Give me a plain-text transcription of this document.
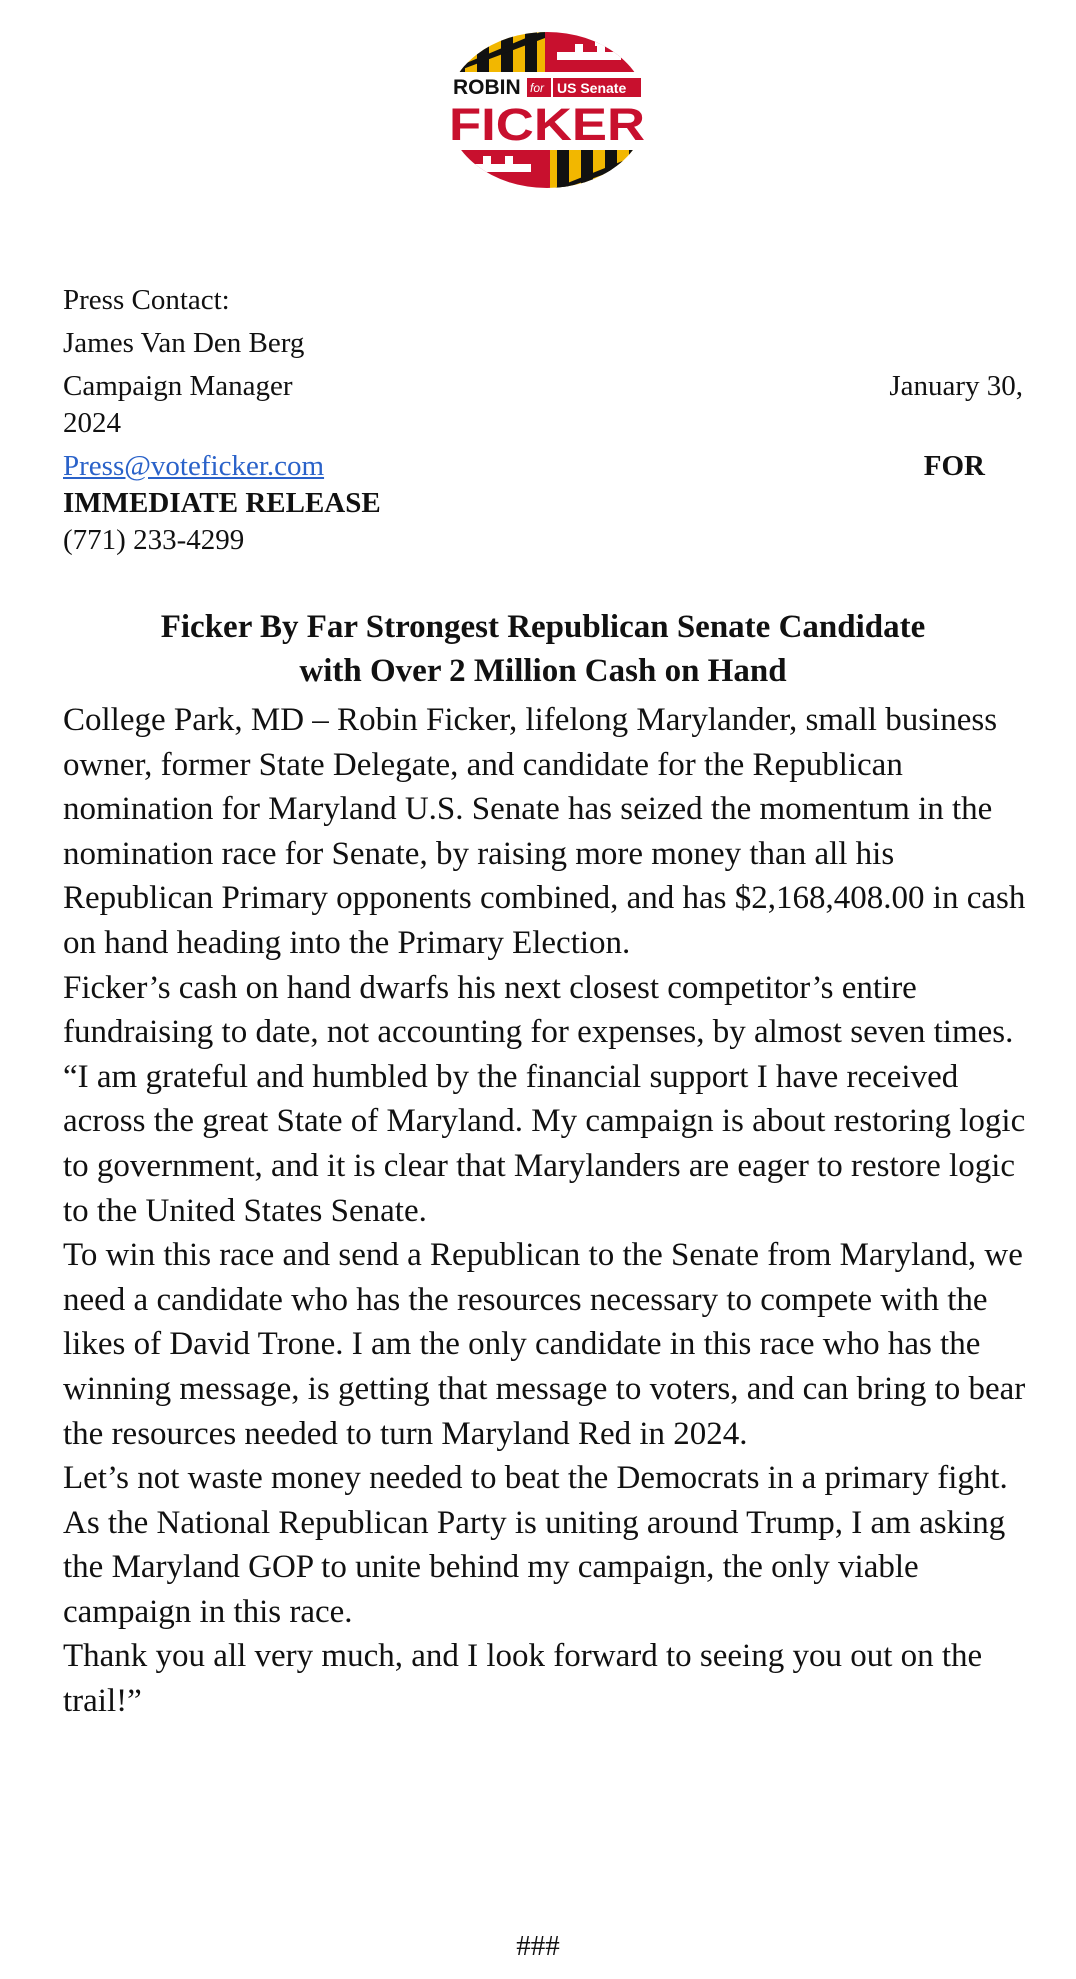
ROBIN for US Senate
FICKER
Press Contact:
James Van Den Berg
Campaign Manager	January 30,
2024
Press@voteficker.com	FOR
IMMEDIATE RELEASE
(771) 233-4299
Ficker By Far Strongest Republican Senate Candidate
with Over 2 Million Cash on Hand

College Park, MD – Robin Ficker, lifelong Marylander, small business owner, former State Delegate, and candidate for the Republican nomination for Maryland U.S. Senate has seized the momentum in the nomination race for Senate, by raising more money than all his Republican Primary opponents combined, and has $2,168,408.00 in cash on hand heading into the Primary Election.

Ficker’s cash on hand dwarfs his next closest competitor’s entire fundraising to date, not accounting for expenses, by almost seven times.

“I am grateful and humbled by the financial support I have received across the great State of Maryland. My campaign is about restoring logic to government, and it is clear that Marylanders are eager to restore logic to the United States Senate.

To win this race and send a Republican to the Senate from Maryland, we need a candidate who has the resources necessary to compete with the likes of David Trone. I am the only candidate in this race who has the winning message, is getting that message to voters, and can bring to bear the resources needed to turn Maryland Red in 2024.

Let’s not waste money needed to beat the Democrats in a primary fight. As the National Republican Party is uniting around Trump, I am asking the Maryland GOP to unite behind my campaign, the only viable campaign in this race.

Thank you all very much, and I look forward to seeing you out on the trail!”

###
